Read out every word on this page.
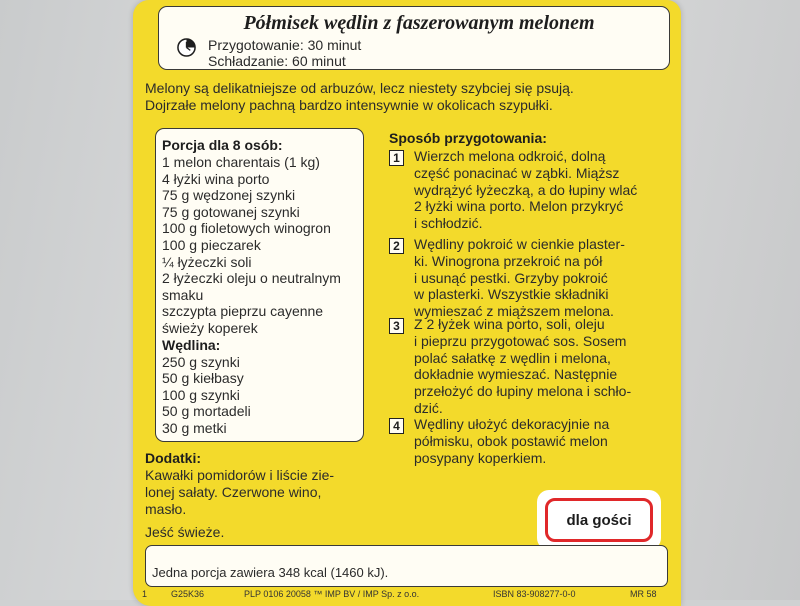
Półmisek wędlin z faszerowanym melonem
Przygotowanie: 30 minut
Schładzanie: 60 minut
Melony są delikatniejsze od arbuzów, lecz niestety szybciej się psują.
Dojrzałe melony pachną bardzo intensywnie w okolicach szypułki.
Porcja dla 8 osób:
1 melon charentais (1 kg)
4 łyżki wina porto
75 g wędzonej szynki
75 g gotowanej szynki
100 g fioletowych winogron
100 g pieczarek
¼ łyżeczki soli
2 łyżeczki oleju o neutralnym
smaku
szczypta pieprzu cayenne
świeży koperek
Wędlina:
250 g szynki
50 g kiełbasy
100 g szynki
50 g mortadeli
30 g metki
Dodatki:
Kawałki pomidorów i liście zie-
lonej sałaty. Czerwone wino,
masło.
Jeść świeże.
Sposób przygotowania:
1 Wierzch melona odkroić, dolną
część ponacinać w ząbki. Miąższ
wydrążyć łyżeczką, a do łupiny wlać
2 łyżki wina porto. Melon przykryć
i schłodzić.
2 Wędliny pokroić w cienkie plaster-
ki. Winogrona przekroić na pół
i usunąć pestki. Grzyby pokroić
w plasterki. Wszystkie składniki
wymieszać z miąższem melona.
3 Z 2 łyżek wina porto, soli, oleju
i pieprzu przygotować sos. Sosem
polać sałatkę z wędlin i melona,
dokładnie wymieszać. Następnie
przełożyć do łupiny melona i schło-
dzić.
4 Wędliny ułożyć dekoracyjnie na
półmisku, obok postawić melon
posypany koperkiem.
dla gości
Jedna porcja zawiera 348 kcal (1460 kJ).
1	G25K36	PLP 0106 20058 ™ IMP BV / IMP Sp. z o.o.	ISBN 83-908277-0-0	MR 58
